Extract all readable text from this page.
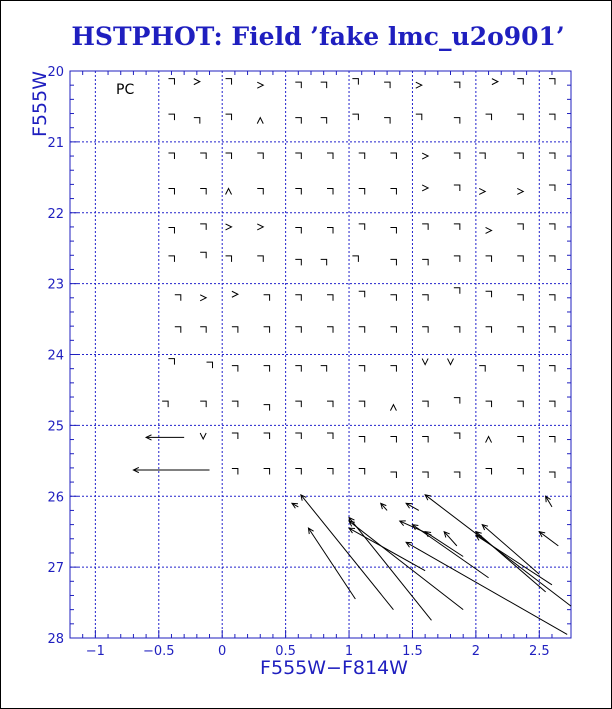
HSTPHOT: Field ’fake lmc_u2o901’
−1	−0.5	0	0.5	1	1.5	2	2.5
20
21
22
23
24
25
26
27
28
F555W−F814W
F555W	PC
